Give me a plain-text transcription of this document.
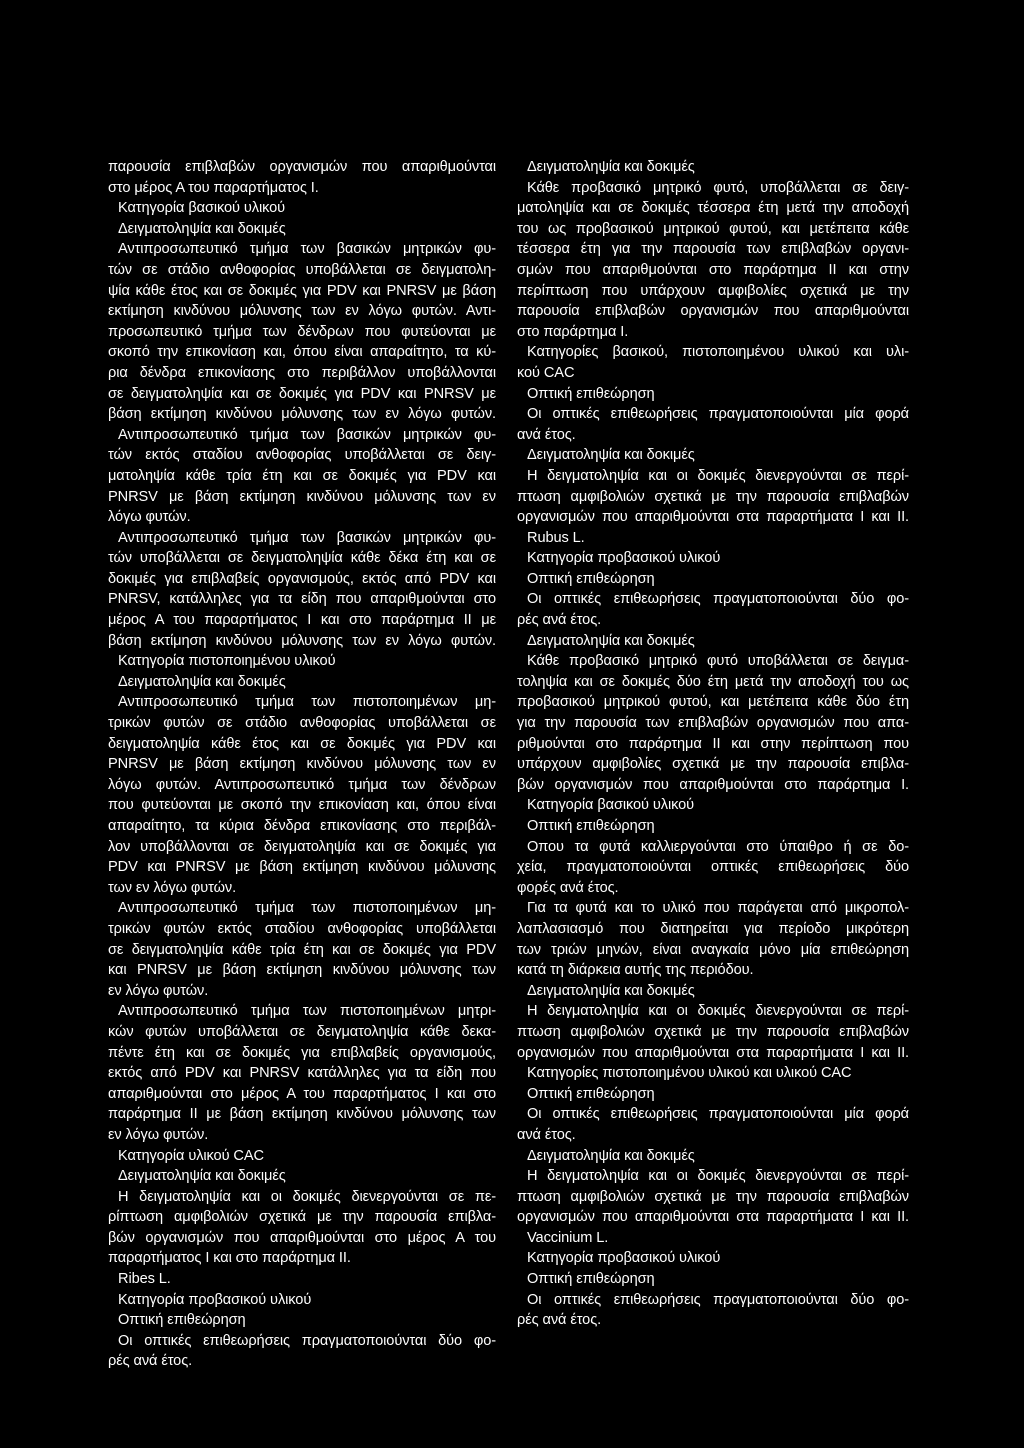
παρουσία επιβλαβών οργανισμών που απαριθμούνται
στο μέρος Α του παραρτήματος Ι.
Κατηγορία βασικού υλικού
Δειγματοληψία και δοκιμές
Αντιπροσωπευτικό τμήμα των βασικών μητρικών φυ-
τών σε στάδιο ανθοφορίας υποβάλλεται σε δειγματολη-
ψία κάθε έτος και σε δοκιμές για PDV και PNRSV με βάση
εκτίμηση κινδύνου μόλυνσης των εν λόγω φυτών. Αντι-
προσωπευτικό τμήμα των δένδρων που φυτεύονται με
σκοπό την επικονίαση και, όπου είναι απαραίτητο, τα κύ-
ρια δένδρα επικονίασης στο περιβάλλον υποβάλλονται
σε δειγματοληψία και σε δοκιμές για PDV και PNRSV με
βάση εκτίμηση κινδύνου μόλυνσης των εν λόγω φυτών.
Αντιπροσωπευτικό τμήμα των βασικών μητρικών φυ-
τών εκτός σταδίου ανθοφορίας υποβάλλεται σε δειγ-
ματοληψία κάθε τρία έτη και σε δοκιμές για PDV και
PNRSV με βάση εκτίμηση κινδύνου μόλυνσης των εν
λόγω φυτών.
Αντιπροσωπευτικό τμήμα των βασικών μητρικών φυ-
τών υποβάλλεται σε δειγματοληψία κάθε δέκα έτη και σε
δοκιμές για επιβλαβείς οργανισμούς, εκτός από PDV και
PNRSV, κατάλληλες για τα είδη που απαριθμούνται στο
μέρος Α του παραρτήματος Ι και στο παράρτημα ΙΙ με
βάση εκτίμηση κινδύνου μόλυνσης των εν λόγω φυτών.
Κατηγορία πιστοποιημένου υλικού
Δειγματοληψία και δοκιμές
Αντιπροσωπευτικό τμήμα των πιστοποιημένων μη-
τρικών φυτών σε στάδιο ανθοφορίας υποβάλλεται σε
δειγματοληψία κάθε έτος και σε δοκιμές για PDV και
PNRSV με βάση εκτίμηση κινδύνου μόλυνσης των εν
λόγω φυτών. Αντιπροσωπευτικό τμήμα των δένδρων
που φυτεύονται με σκοπό την επικονίαση και, όπου είναι
απαραίτητο, τα κύρια δένδρα επικονίασης στο περιβάλ-
λον υποβάλλονται σε δειγματοληψία και σε δοκιμές για
PDV και PNRSV με βάση εκτίμηση κινδύνου μόλυνσης
των εν λόγω φυτών.
Αντιπροσωπευτικό τμήμα των πιστοποιημένων μη-
τρικών φυτών εκτός σταδίου ανθοφορίας υποβάλλεται
σε δειγματοληψία κάθε τρία έτη και σε δοκιμές για PDV
και PNRSV με βάση εκτίμηση κινδύνου μόλυνσης των
εν λόγω φυτών.
Αντιπροσωπευτικό τμήμα των πιστοποιημένων μητρι-
κών φυτών υποβάλλεται σε δειγματοληψία κάθε δεκα-
πέντε έτη και σε δοκιμές για επιβλαβείς οργανισμούς,
εκτός από PDV και PNRSV κατάλληλες για τα είδη που
απαριθμούνται στο μέρος Α του παραρτήματος Ι και στο
παράρτημα ΙΙ με βάση εκτίμηση κινδύνου μόλυνσης των
εν λόγω φυτών.
Κατηγορία υλικού CAC
Δειγματοληψία και δοκιμές
Η δειγματοληψία και οι δοκιμές διενεργούνται σε πε-
ρίπτωση αμφιβολιών σχετικά με την παρουσία επιβλα-
βών οργανισμών που απαριθμούνται στο μέρος Α του
παραρτήματος Ι και στο παράρτημα ΙΙ.
Ribes L.
Κατηγορία προβασικού υλικού
Οπτική επιθεώρηση
Οι οπτικές επιθεωρήσεις πραγματοποιούνται δύο φο-
ρές ανά έτος.
Δειγματοληψία και δοκιμές
Κάθε προβασικό μητρικό φυτό, υποβάλλεται σε δειγ-
ματοληψία και σε δοκιμές τέσσερα έτη μετά την αποδοχή
του ως προβασικού μητρικού φυτού, και μετέπειτα κάθε
τέσσερα έτη για την παρουσία των επιβλαβών οργανι-
σμών που απαριθμούνται στο παράρτημα ΙΙ και στην
περίπτωση που υπάρχουν αμφιβολίες σχετικά με την
παρουσία επιβλαβών οργανισμών που απαριθμούνται
στο παράρτημα Ι.
Κατηγορίες βασικού, πιστοποιημένου υλικού και υλι-
κού CAC
Οπτική επιθεώρηση
Οι οπτικές επιθεωρήσεις πραγματοποιούνται μία φορά
ανά έτος.
Δειγματοληψία και δοκιμές
Η δειγματοληψία και οι δοκιμές διενεργούνται σε περί-
πτωση αμφιβολιών σχετικά με την παρουσία επιβλαβών
οργανισμών που απαριθμούνται στα παραρτήματα Ι και ΙΙ.
Rubus L.
Κατηγορία προβασικού υλικού
Οπτική επιθεώρηση
Οι οπτικές επιθεωρήσεις πραγματοποιούνται δύο φο-
ρές ανά έτος.
Δειγματοληψία και δοκιμές
Κάθε προβασικό μητρικό φυτό υποβάλλεται σε δειγμα-
τοληψία και σε δοκιμές δύο έτη μετά την αποδοχή του ως
προβασικού μητρικού φυτού, και μετέπειτα κάθε δύο έτη
για την παρουσία των επιβλαβών οργανισμών που απα-
ριθμούνται στο παράρτημα ΙΙ και στην περίπτωση που
υπάρχουν αμφιβολίες σχετικά με την παρουσία επιβλα-
βών οργανισμών που απαριθμούνται στο παράρτημα Ι.
Κατηγορία βασικού υλικού
Οπτική επιθεώρηση
Οπου τα φυτά καλλιεργούνται στο ύπαιθρο ή σε δο-
χεία, πραγματοποιούνται οπτικές επιθεωρήσεις δύο
φορές ανά έτος.
Για τα φυτά και το υλικό που παράγεται από μικροπολ-
λαπλασιασμό που διατηρείται για περίοδο μικρότερη
των τριών μηνών, είναι αναγκαία μόνο μία επιθεώρηση
κατά τη διάρκεια αυτής της περιόδου.
Δειγματοληψία και δοκιμές
Η δειγματοληψία και οι δοκιμές διενεργούνται σε περί-
πτωση αμφιβολιών σχετικά με την παρουσία επιβλαβών
οργανισμών που απαριθμούνται στα παραρτήματα Ι και ΙΙ.
Κατηγορίες πιστοποιημένου υλικού και υλικού CAC
Οπτική επιθεώρηση
Οι οπτικές επιθεωρήσεις πραγματοποιούνται μία φορά
ανά έτος.
Δειγματοληψία και δοκιμές
Η δειγματοληψία και οι δοκιμές διενεργούνται σε περί-
πτωση αμφιβολιών σχετικά με την παρουσία επιβλαβών
οργανισμών που απαριθμούνται στα παραρτήματα Ι και ΙΙ.
Vaccinium L.
Κατηγορία προβασικού υλικού
Οπτική επιθεώρηση
Οι οπτικές επιθεωρήσεις πραγματοποιούνται δύο φο-
ρές ανά έτος.
